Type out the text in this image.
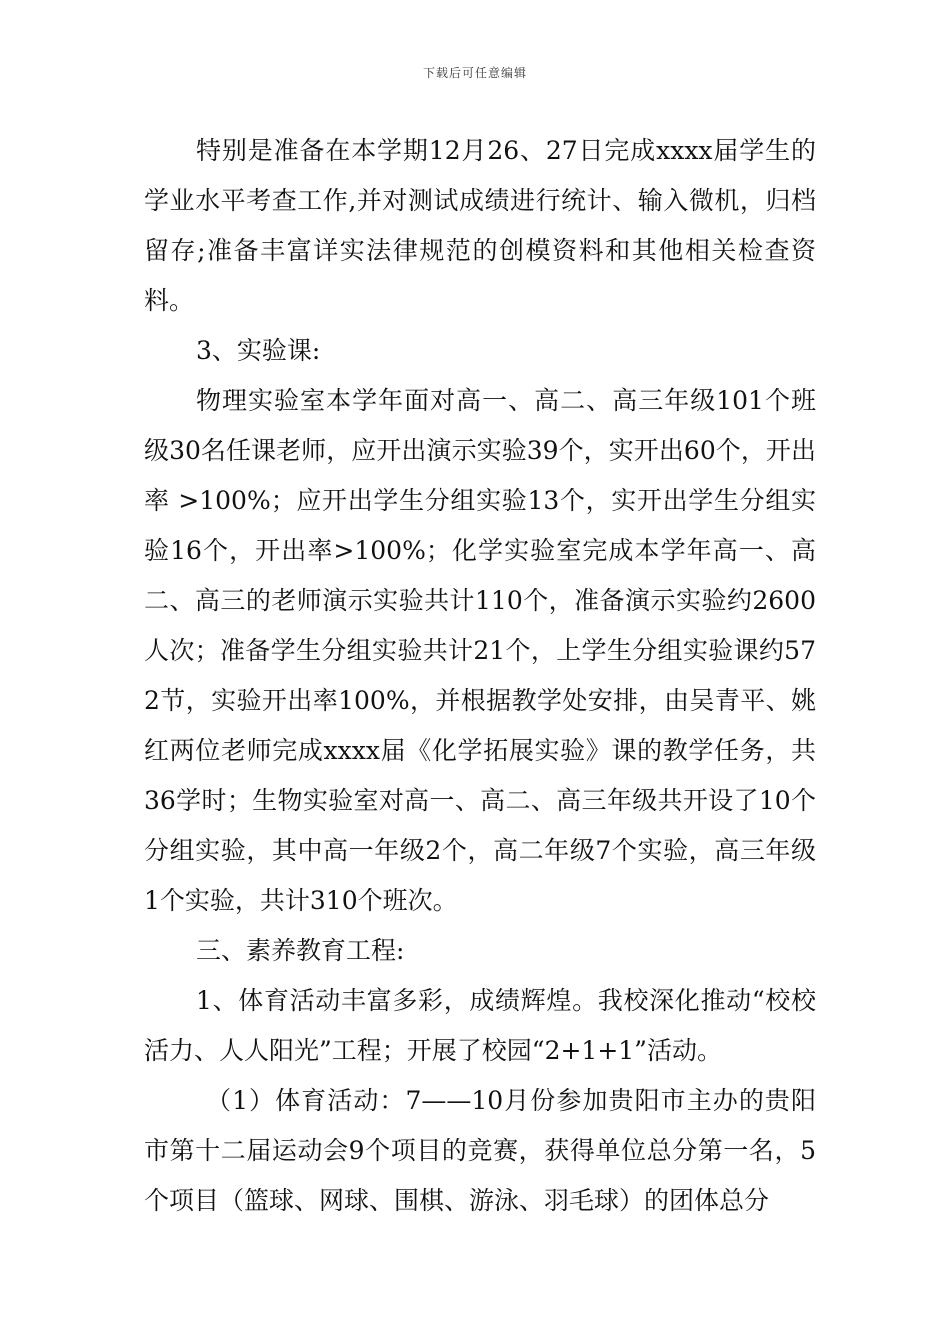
下载后可任意编辑

特别是准备在本学期12月26、27日完成xxxx届学生的学业水平考查工作,并对测试成绩进行统计、输入微机，归档留存;准备丰富详实法律规范的创模资料和其他相关检查资料。

3、实验课:

物理实验室本学年面对高一、高二、高三年级101个班级30名任课老师，应开出演示实验39个，实开出60个，开出率 >100%；应开出学生分组实验13个，实开出学生分组实验16个，开出率>100%；化学实验室完成本学年高一、高二、高三的老师演示实验共计110个，准备演示实验约2600人次；准备学生分组实验共计21个，上学生分组实验课约572节，实验开出率100%，并根据教学处安排，由吴青平、姚红两位老师完成xxxx届《化学拓展实验》课的教学任务，共36学时；生物实验室对高一、高二、高三年级共开设了10个分组实验，其中高一年级2个，高二年级7个实验，高三年级1个实验，共计310个班次。

三、素养教育工程:

1、体育活动丰富多彩，成绩辉煌。我校深化推动“校校活力、人人阳光”工程；开展了校园“2+1+1”活动。

（1）体育活动：7——10月份参加贵阳市主办的贵阳市第十二届运动会9个项目的竞赛，获得单位总分第一名，5个项目（篮球、网球、围棋、游泳、羽毛球）的团体总分
